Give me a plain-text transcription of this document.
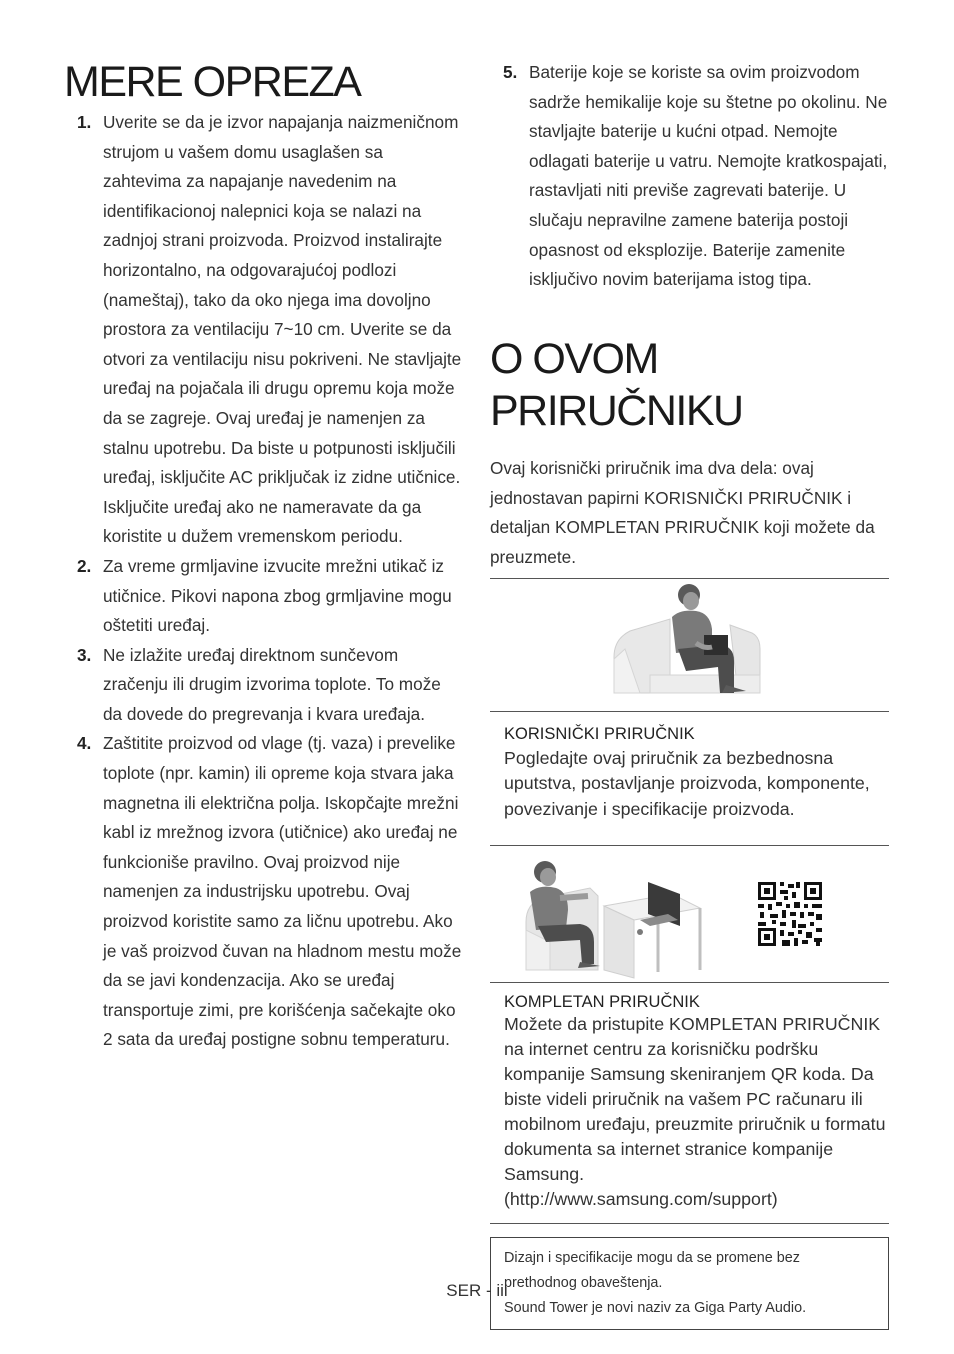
MERE OPREZA
1. Uverite se da je izvor napajanja naizmeničnom strujom u vašem domu usaglašen sa zahtevima za napajanje navedenim na identifikacionoj nalepnici koja se nalazi na zadnjoj strani proizvoda. Proizvod instalirajte horizontalno, na odgovarajućoj podlozi (nameštaj), tako da oko njega ima dovoljno prostora za ventilaciju 7~10 cm. Uverite se da otvori za ventilaciju nisu pokriveni. Ne stavljajte uređaj na pojačala ili drugu opremu koja može da se zagreje. Ovaj uređaj je namenjen za stalnu upotrebu. Da biste u potpunosti isključili uređaj, isključite AC priključak iz zidne utičnice. Isključite uređaj ako ne nameravate da ga koristite u dužem vremenskom periodu.
2. Za vreme grmljavine izvucite mrežni utikač iz utičnice. Pikovi napona zbog grmljavine mogu oštetiti uređaj.
3. Ne izlažite uređaj direktnom sunčevom zračenju ili drugim izvorima toplote. To može da dovede do pregrevanja i kvara uređaja.
4. Zaštitite proizvod od vlage (tj. vaza) i prevelike toplote (npr. kamin) ili opreme koja stvara jaka magnetna ili električna polja. Iskopčajte mrežni kabl iz mrežnog izvora (utičnice) ako uređaj ne funkcioniše pravilno. Ovaj proizvod nije namenjen za industrijsku upotrebu. Ovaj proizvod koristite samo za ličnu upotrebu. Ako je vaš proizvod čuvan na hladnom mestu može da se javi kondenzacija. Ako se uređaj transportuje zimi, pre korišćenja sačekajte oko 2 sata da uređaj postigne sobnu temperaturu.
5. Baterije koje se koriste sa ovim proizvodom sadrže hemikalije koje su štetne po okolinu. Ne stavljajte baterije u kućni otpad. Nemojte odlagati baterije u vatru. Nemojte kratkospajati, rastavljati niti previše zagrevati baterije. U slučaju nepravilne zamene baterija postoji opasnost od eksplozije. Baterije zamenite isključivo novim baterijama istog tipa.
O OVOM PRIRUČNIKU

Ovaj korisnički priručnik ima dva dela: ovaj jednostavan papirni KORISNIČKI PRIRUČNIK i detaljan KOMPLETAN PRIRUČNIK koji možete da preuzmete.

KORISNIČKI PRIRUČNIK
Pogledajte ovaj priručnik za bezbednosna uputstva, postavljanje proizvoda, komponente, povezivanje i specifikacije proizvoda.
KOMPLETAN PRIRUČNIK
Možete da pristupite KOMPLETAN PRIRUČNIK na internet centru za korisničku podršku kompanije Samsung skeniranjem QR koda. Da biste videli priručnik na vašem PC računaru ili mobilnom uređaju, preuzmite priručnik u formatu dokumenta sa internet stranice kompanije Samsung.
(http://www.samsung.com/support)
Dizajn i specifikacije mogu da se promene bez prethodnog obaveštenja.
Sound Tower je novi naziv za Giga Party Audio.
SER - iii
